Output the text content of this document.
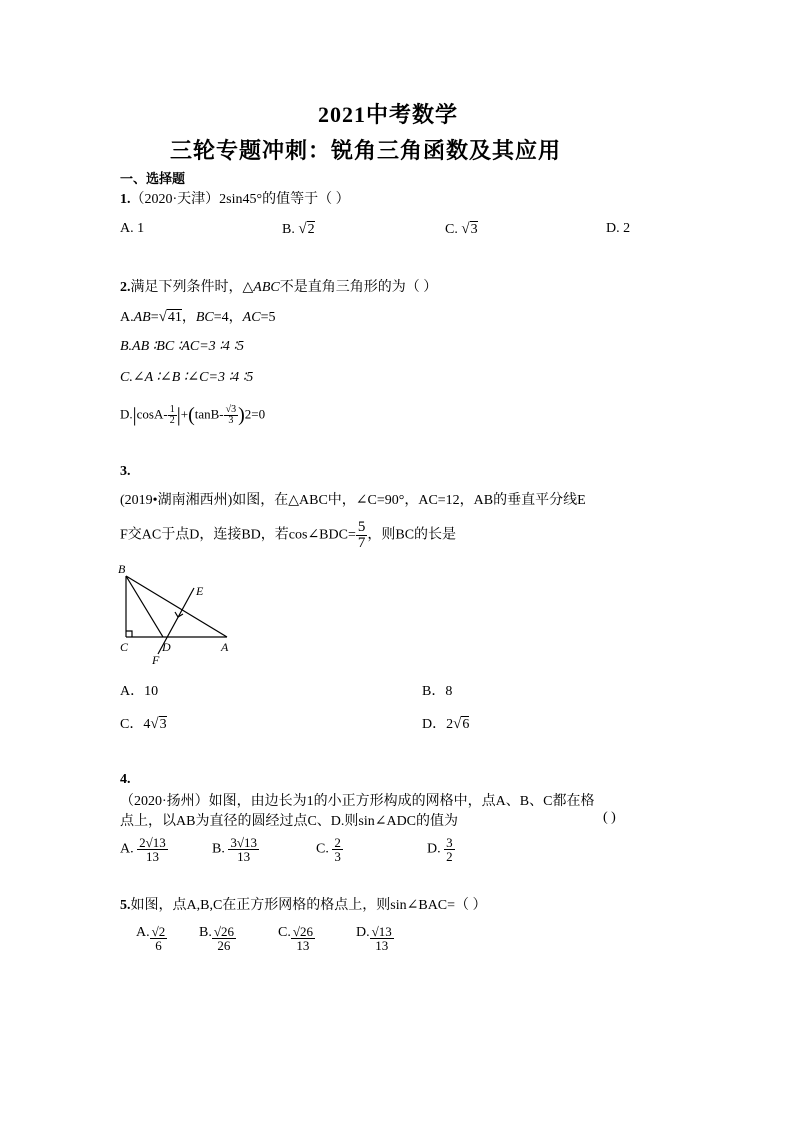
2021中考数学
三轮专题冲刺：锐角三角函数及其应用
一、选择题
1.（2020·天津）2sin45°的值等于（ ）
A. 1	B. √2	C. √3	D. 2
2.满足下列条件时，△ABC不是直角三角形的为（ ）
A.AB=√41，BC=4，AC=5
B.AB ∶BC ∶AC=3 ∶4 ∶5
C.∠A ∶∠B ∶∠C=3 ∶4 ∶5
$D.|\cos A- \frac{1}{2} |+(\tan B- \frac{√3}{3} )2=0$
3.
(2019•湖南湘西州)如图，在△ABC中，∠C=90°，AC=12，AB的垂直平分线E
F交AC于点D，连接BD，若cos∠BDC= $\frac{5}{7}$ ，则BC的长是
B
C	D	A
E
F
A．10	B．8
C．4√3	D．2√6
4.
（2020·扬州）如图，由边长为1的小正方形构成的网格中，点A、B、C都在格
点上，以AB为直径的圆经过点C、D.则sin∠ADC的值为	( )
A. $\frac{2√13}{13}$	B. $\frac{3√13}{13}$	C. $\frac{2}{3}$	D. $\frac{3}{2}$
5.如图，点A,B,C在正方形网格的格点上，则sin∠BAC=（ ）
A. $\frac{√2}{6} B$. $\frac{√26}{26}$	C. $\frac{√26}{13}$	D. $\frac{√13}{13}$
